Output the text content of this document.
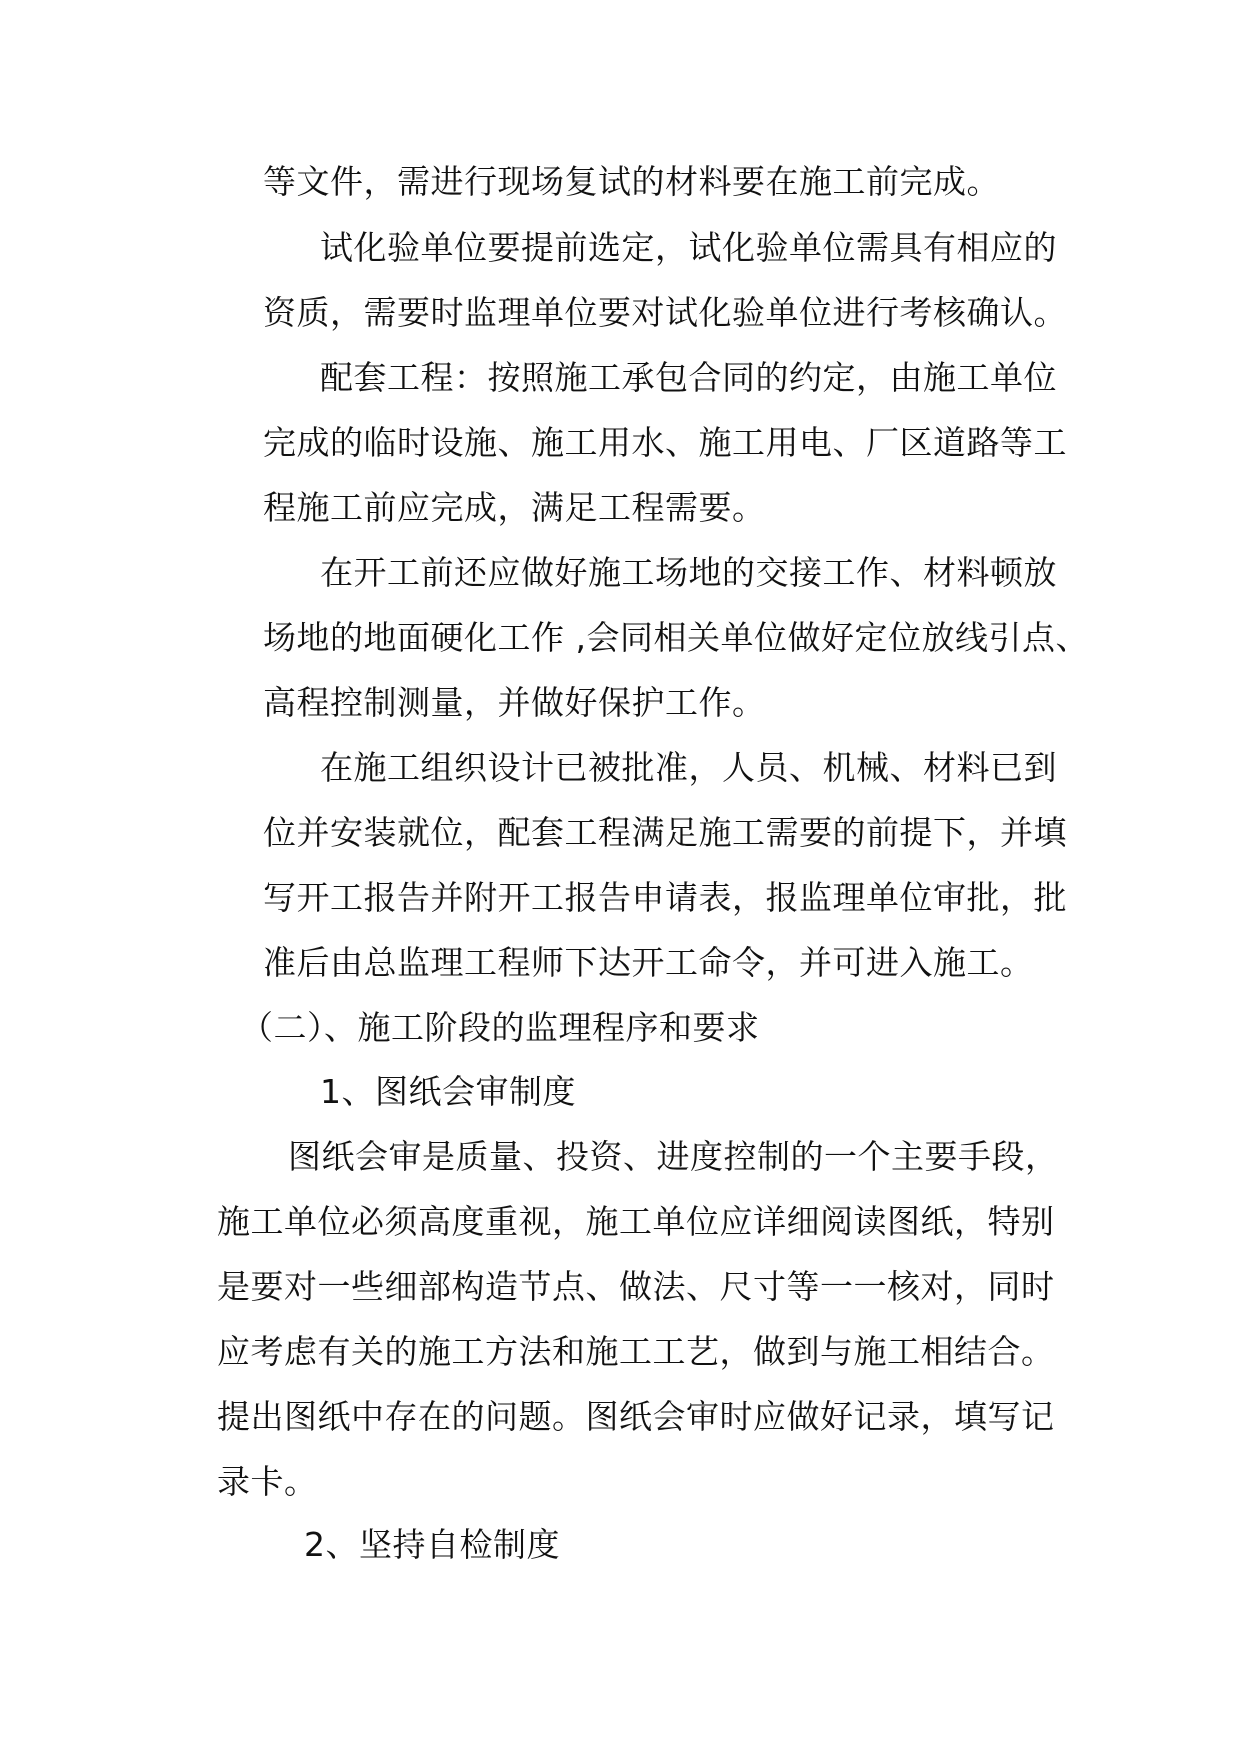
等文件，需进行现场复试的材料要在施工前完成。
试化验单位要提前选定，试化验单位需具有相应的
资质，需要时监理单位要对试化验单位进行考核确认。
配套工程：按照施工承包合同的约定，由施工单位
完成的临时设施、施工用水、施工用电、厂区道路等工
程施工前应完成，满足工程需要。
在开工前还应做好施工场地的交接工作、材料顿放
场地的地面硬化工作 ,会同相关单位做好定位放线引点、
高程控制测量，并做好保护工作。
在施工组织设计已被批准，人员、机械、材料已到
位并安装就位，配套工程满足施工需要的前提下，并填
写开工报告并附开工报告申请表，报监理单位审批，批
准后由总监理工程师下达开工命令，并可进入施工。
（二）、施工阶段的监理程序和要求
1、图纸会审制度
图纸会审是质量、投资、进度控制的一个主要手段，
施工单位必须高度重视，施工单位应详细阅读图纸，特别
是要对一些细部构造节点、做法、尺寸等一一核对，同时
应考虑有关的施工方法和施工工艺，做到与施工相结合。
提出图纸中存在的问题。图纸会审时应做好记录，填写记
录卡。
2、坚持自检制度
